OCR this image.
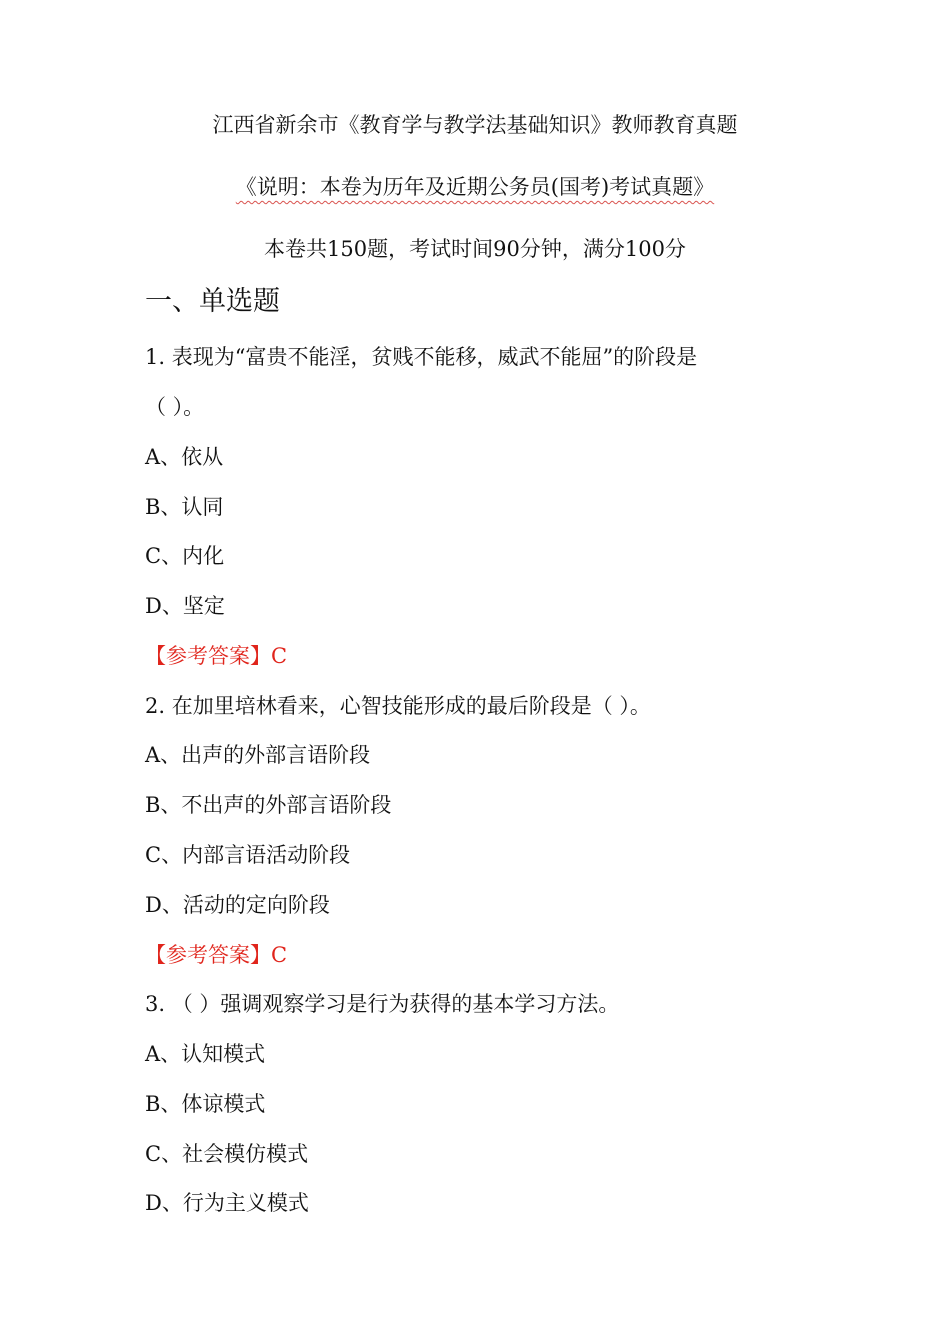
江西省新余市《教育学与教学法基础知识》教师教育真题
《说明：本卷为历年及近期公务员(国考)考试真题》
本卷共150题，考试时间90分钟，满分100分
一、单选题
1. 表现为“富贵不能淫，贫贱不能移，威武不能屈”的阶段是
（ ）。
A、依从
B、认同
C、内化
D、坚定
【参考答案】C
2. 在加里培林看来，心智技能形成的最后阶段是（ ）。
A、出声的外部言语阶段
B、不出声的外部言语阶段
C、内部言语活动阶段
D、活动的定向阶段
【参考答案】C
3. （ ）强调观察学习是行为获得的基本学习方法。
A、认知模式
B、体谅模式
C、社会模仿模式
D、行为主义模式
